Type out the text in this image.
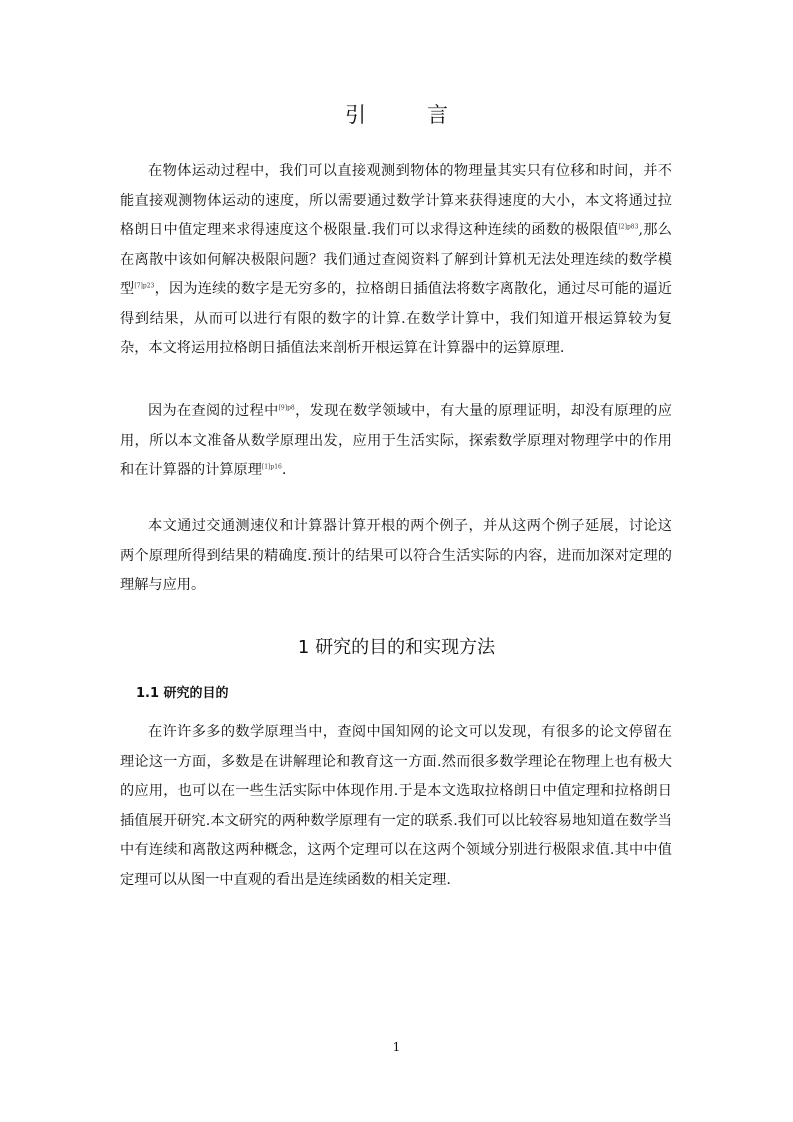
引　言

在物体运动过程中，我们可以直接观测到物体的物理量其实只有位移和时间，并不能直接观测物体运动的速度，所以需要通过数学计算来获得速度的大小，本文将通过拉格朗日中值定理来求得速度这个极限量.我们可以求得这种连续的函数的极限值$^{[2]p83}$,那么在离散中该如何解决极限问题？我们通过查阅资料了解到计算机无法处理连续的数学模型$^{[7]p23}$，因为连续的数字是无穷多的，拉格朗日插值法将数字离散化，通过尽可能的逼近得到结果，从而可以进行有限的数字的计算.在数学计算中，我们知道开根运算较为复杂，本文将运用拉格朗日插值法来剖析开根运算在计算器中的运算原理.

因为在查阅的过程中$^{[9]p8}$，发现在数学领域中，有大量的原理证明，却没有原理的应用，所以本文准备从数学原理出发，应用于生活实际，探索数学原理对物理学中的作用和在计算器的计算原理$^{[1]p16}$.

本文通过交通测速仪和计算器计算开根的两个例子，并从这两个例子延展，讨论这两个原理所得到结果的精确度.预计的结果可以符合生活实际的内容，进而加深对定理的理解与应用。

1 研究的目的和实现方法
1.1 研究的目的

在许许多多的数学原理当中，查阅中国知网的论文可以发现，有很多的论文停留在理论这一方面，多数是在讲解理论和教育这一方面.然而很多数学理论在物理上也有极大的应用，也可以在一些生活实际中体现作用.于是本文选取拉格朗日中值定理和拉格朗日插值展开研究.本文研究的两种数学原理有一定的联系.我们可以比较容易地知道在数学当中有连续和离散这两种概念，这两个定理可以在这两个领域分别进行极限求值.其中中值定理可以从图一中直观的看出是连续函数的相关定理.

1
